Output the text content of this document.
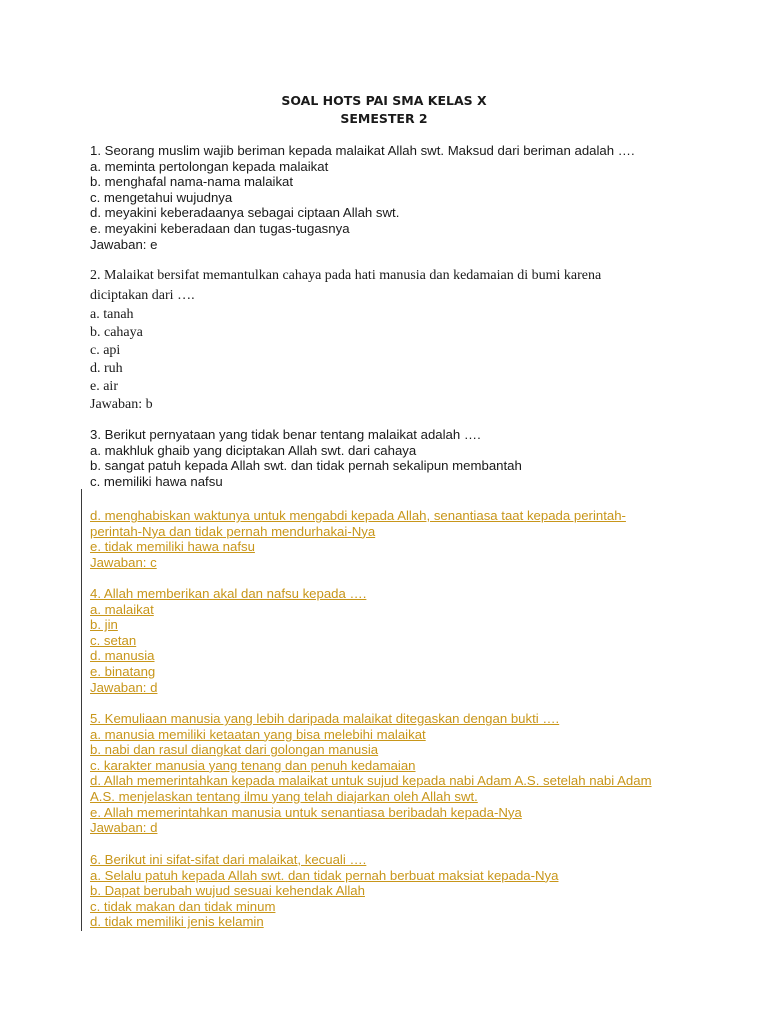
SOAL HOTS PAI SMA KELAS X
SEMESTER 2
1. Seorang muslim wajib beriman kepada malaikat Allah swt. Maksud dari beriman adalah ….
a. meminta pertolongan kepada malaikat
b. menghafal nama-nama malaikat
c. mengetahui wujudnya
d. meyakini keberadaanya sebagai ciptaan Allah swt.
e. meyakini keberadaan dan tugas-tugasnya
Jawaban: e
2. Malaikat bersifat memantulkan cahaya pada hati manusia dan kedamaian di bumi karena
diciptakan dari ….
a. tanah
b. cahaya
c. api
d. ruh
e. air
Jawaban: b
3. Berikut pernyataan yang tidak benar tentang malaikat adalah ….
a. makhluk ghaib yang diciptakan Allah swt. dari cahaya
b. sangat patuh kepada Allah swt. dan tidak pernah sekalipun membantah
c. memiliki hawa nafsu
d. menghabiskan waktunya untuk mengabdi kepada Allah, senantiasa taat kepada perintah-
perintah-Nya dan tidak pernah mendurhakai-Nya
e. tidak memiliki hawa nafsu
Jawaban: c
4. Allah memberikan akal dan nafsu kepada ….
a. malaikat
b. jin
c. setan
d. manusia
e. binatang
Jawaban: d
5. Kemuliaan manusia yang lebih daripada malaikat ditegaskan dengan bukti ….
a. manusia memiliki ketaatan yang bisa melebihi malaikat
b. nabi dan rasul diangkat dari golongan manusia
c. karakter manusia yang tenang dan penuh kedamaian
d. Allah memerintahkan kepada malaikat untuk sujud kepada nabi Adam A.S. setelah nabi Adam
A.S. menjelaskan tentang ilmu yang telah diajarkan oleh Allah swt.
e. Allah memerintahkan manusia untuk senantiasa beribadah kepada-Nya
Jawaban: d
6. Berikut ini sifat-sifat dari malaikat, kecuali ….
a. Selalu patuh kepada Allah swt. dan tidak pernah berbuat maksiat kepada-Nya
b. Dapat berubah wujud sesuai kehendak Allah
c. tidak makan dan tidak minum
d. tidak memiliki jenis kelamin
